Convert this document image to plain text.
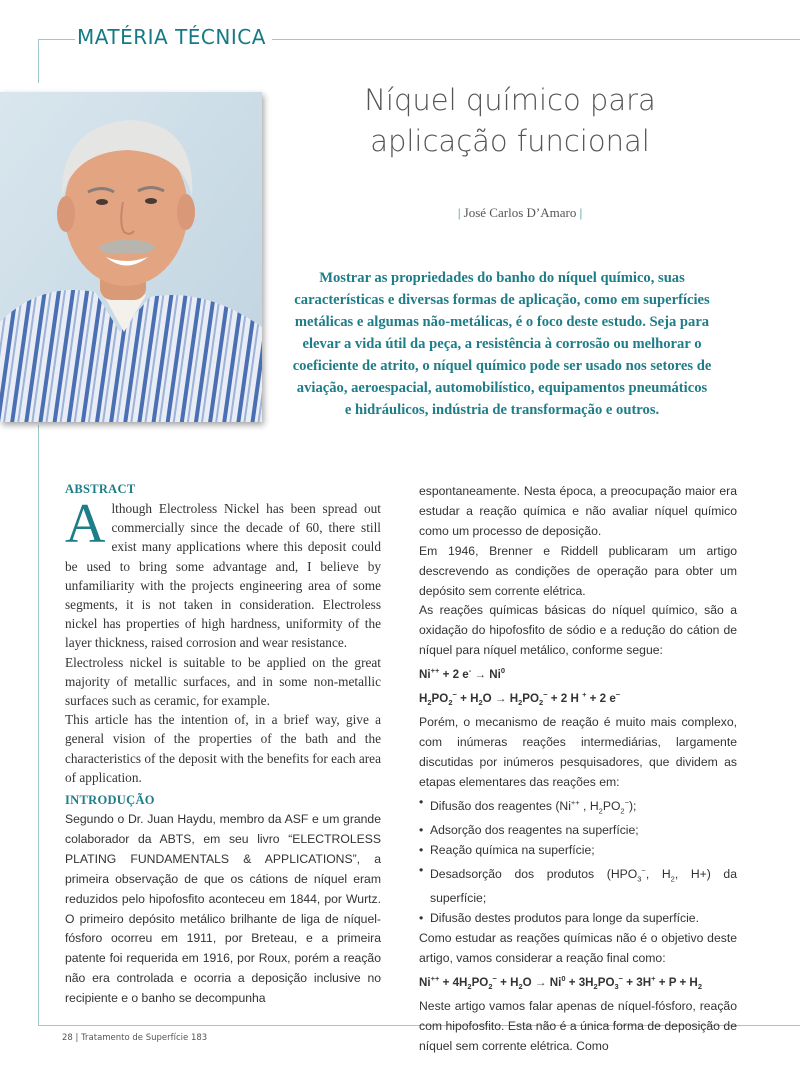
MATÉRIA TÉCNICA
Níquel químico para
aplicação funcional
| José Carlos D’Amaro |

Mostrar as propriedades do banho do níquel químico, suas características e diversas formas de aplicação, como em superfícies metálicas e algumas não-metálicas, é o foco deste estudo. Seja para elevar a vida útil da peça, a resistência à corrosão ou melhorar o coeficiente de atrito, o níquel químico pode ser usado nos setores de aviação, aeroespacial, automobilístico, equipamentos pneumáticos e hidráulicos, indústria de transformação e outros.

ABSTRACT

Although Electroless Nickel has been spread out commercially since the decade of 60, there still exist many applications where this deposit could be used to bring some advantage and, I believe by unfamiliarity with the projects engineering area of some segments, it is not taken in consideration. Electroless nickel has properties of high hardness, uniformity of the layer thickness, raised corrosion and wear resistance.

Electroless nickel is suitable to be applied on the great majority of metallic surfaces, and in some non-metallic surfaces such as ceramic, for example.

This article has the intention of, in a brief way, give a general vision of the properties of the bath and the characteristics of the deposit with the benefits for each area of application.

INTRODUÇÃO

Segundo o Dr. Juan Haydu, membro da ASF e um grande colaborador da ABTS, em seu livro “ELECTROLESS PLATING FUNDAMENTALS & APPLICATIONS”, a primeira observação de que os cátions de níquel eram reduzidos pelo hipofosfito aconteceu em 1844, por Wurtz. O primeiro depósito metálico brilhante de liga de níquel-fósforo ocorreu em 1911, por Breteau, e a primeira patente foi requerida em 1916, por Roux, porém a reação não era controlada e ocorria a deposição inclusive no recipiente e o banho se decompunha

espontaneamente. Nesta época, a preocupação maior era estudar a reação química e não avaliar níquel químico como um processo de deposição.

Em 1946, Brenner e Riddell publicaram um artigo descrevendo as condições de operação para obter um depósito sem corrente elétrica.

As reações químicas básicas do níquel químico, são a oxidação do hipofosfito de sódio e a redução do cátion de níquel para níquel metálico, conforme segue:

Ni++ + 2 $e^- \to Ni^0$

$H_2PO_2^- + H_2O \to H_2PO_2^- + 2$ H + + 2 e−

Porém, o mecanismo de reação é muito mais complexo, com inúmeras reações intermediárias, largamente discutidas por inúmeros pesquisadores, que dividem as etapas elementares das reações em:

• Difusão dos reagentes (Ni++ , $H_2PO_2^-$);
• Adsorção dos reagentes na superfície;
• Reação química na superfície;
• Desadsorção dos produtos ($HPO_3^-$, $H_2$, H+) da superfície;
• Difusão destes produtos para longe da superfície.

Como estudar as reações químicas não é o objetivo deste artigo, vamos considerar a reação final como:

$Ni^{++} + 4H_2PO_2^- + H_2O \to Ni^0 + 3H_2PO_3^- + 3H^+ + P + H_2$

Neste artigo vamos falar apenas de níquel-fósforo, reação com hipofosfito. Esta não é a única forma de deposição de níquel sem corrente elétrica. Como

28 | Tratamento de Superfície 183
